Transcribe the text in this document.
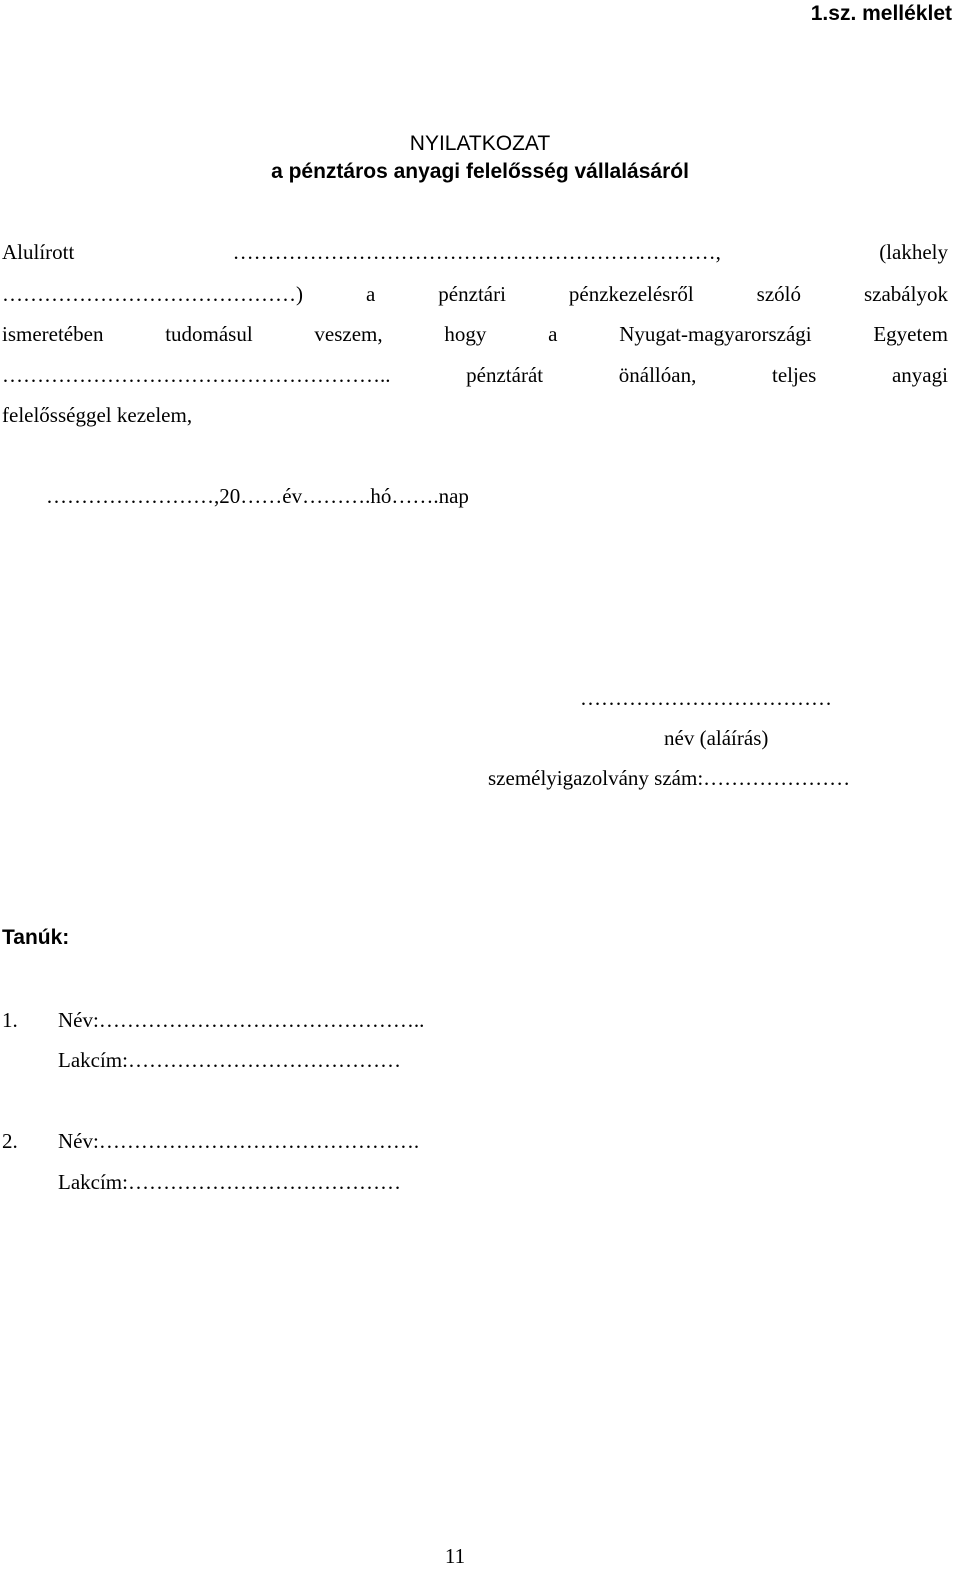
1.sz. melléklet
NYILATKOZAT
a pénztáros anyagi felelősség vállalásáról
Alulírott	……………………………………………………………,	(lakhely
……………………………………)	a	pénztári	pénzkezelésről	szóló	szabályok
ismeretében	tudomásul	veszem,	hogy	a	Nyugat-magyarországi	Egyetem
………………………………………………..	pénztárát	önállóan,	teljes	anyagi
felelősséggel kezelem,
……………………,20……év……….hó…….nap
………………………………
név (aláírás)
személyigazolvány szám:…………………
Tanúk:
1. Név:………………………………………..
Lakcím:…………………………………
2. Név:……………………………………….
Lakcím:…………………………………
11
